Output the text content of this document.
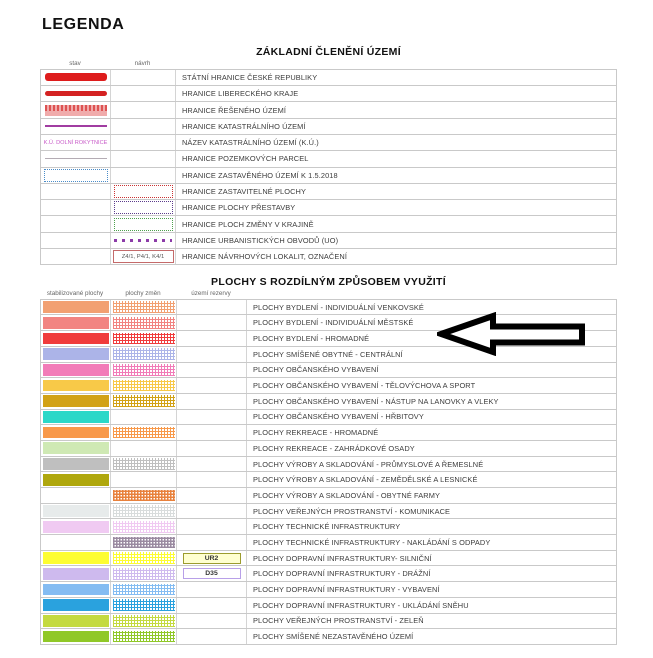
LEGENDA
ZÁKLADNÍ ČLENĚNÍ ÚZEMÍ
stav	návrh
STÁTNÍ HRANICE ČESKÉ REPUBLIKY
HRANICE LIBERECKÉHO KRAJE
HRANICE ŘEŠENÉHO ÚZEMÍ
HRANICE KATASTRÁLNÍHO ÚZEMÍ
K.Ú. DOLNÍ ROKYTNICE	NÁZEV KATASTRÁLNÍHO ÚZEMÍ (K.Ú.)
HRANICE POZEMKOVÝCH PARCEL
HRANICE ZASTAVĚNÉHO ÚZEMÍ K 1.5.2018
HRANICE ZASTAVITELNÉ PLOCHY
HRANICE PLOCHY PŘESTAVBY
HRANICE PLOCH ZMĚNY V KRAJINĚ
HRANICE URBANISTICKÝCH OBVODŮ (UO)
Z4/1, P4/1, K4/1	HRANICE NÁVRHOVÝCH LOKALIT, OZNAČENÍ
PLOCHY S ROZDÍLNÝM ZPŮSOBEM VYUŽITÍ
stabilizované plochy	plochy změn	území rezervy
PLOCHY BYDLENÍ - INDIVIDUÁLNÍ VENKOVSKÉ
PLOCHY BYDLENÍ - INDIVIDUÁLNÍ MĚSTSKÉ
PLOCHY BYDLENÍ - HROMADNÉ
PLOCHY SMÍŠENÉ OBYTNÉ - CENTRÁLNÍ
PLOCHY OBČANSKÉHO VYBAVENÍ
PLOCHY OBČANSKÉHO VYBAVENÍ - TĚLOVÝCHOVA A SPORT
PLOCHY OBČANSKÉHO VYBAVENÍ - NÁSTUP NA LANOVKY A VLEKY
PLOCHY OBČANSKÉHO VYBAVENÍ - HŘBITOVY
PLOCHY REKREACE - HROMADNÉ
PLOCHY REKREACE - ZAHRÁDKOVÉ OSADY
PLOCHY VÝROBY A SKLADOVÁNÍ - PRŮMYSLOVÉ A ŘEMESLNÉ
PLOCHY VÝROBY A SKLADOVÁNÍ - ZEMĚDĚLSKÉ A LESNICKÉ
PLOCHY VÝROBY A SKLADOVÁNÍ - OBYTNÉ FARMY
PLOCHY VEŘEJNÝCH PROSTRANSTVÍ - KOMUNIKACE
PLOCHY TECHNICKÉ INFRASTRUKTURY
PLOCHY TECHNICKÉ INFRASTRUKTURY - NAKLÁDÁNÍ S ODPADY
UR2	PLOCHY DOPRAVNÍ INFRASTRUKTURY- SILNIČNÍ
D35	PLOCHY DOPRAVNÍ INFRASTRUKTURY - DRÁŽNÍ
PLOCHY DOPRAVNÍ INFRASTRUKTURY - VYBAVENÍ
PLOCHY DOPRAVNÍ INFRASTRUKTURY - UKLÁDÁNÍ SNĚHU
PLOCHY VEŘEJNÝCH PROSTRANSTVÍ - ZELEŇ
PLOCHY SMÍŠENÉ NEZASTAVĚNÉHO ÚZEMÍ
